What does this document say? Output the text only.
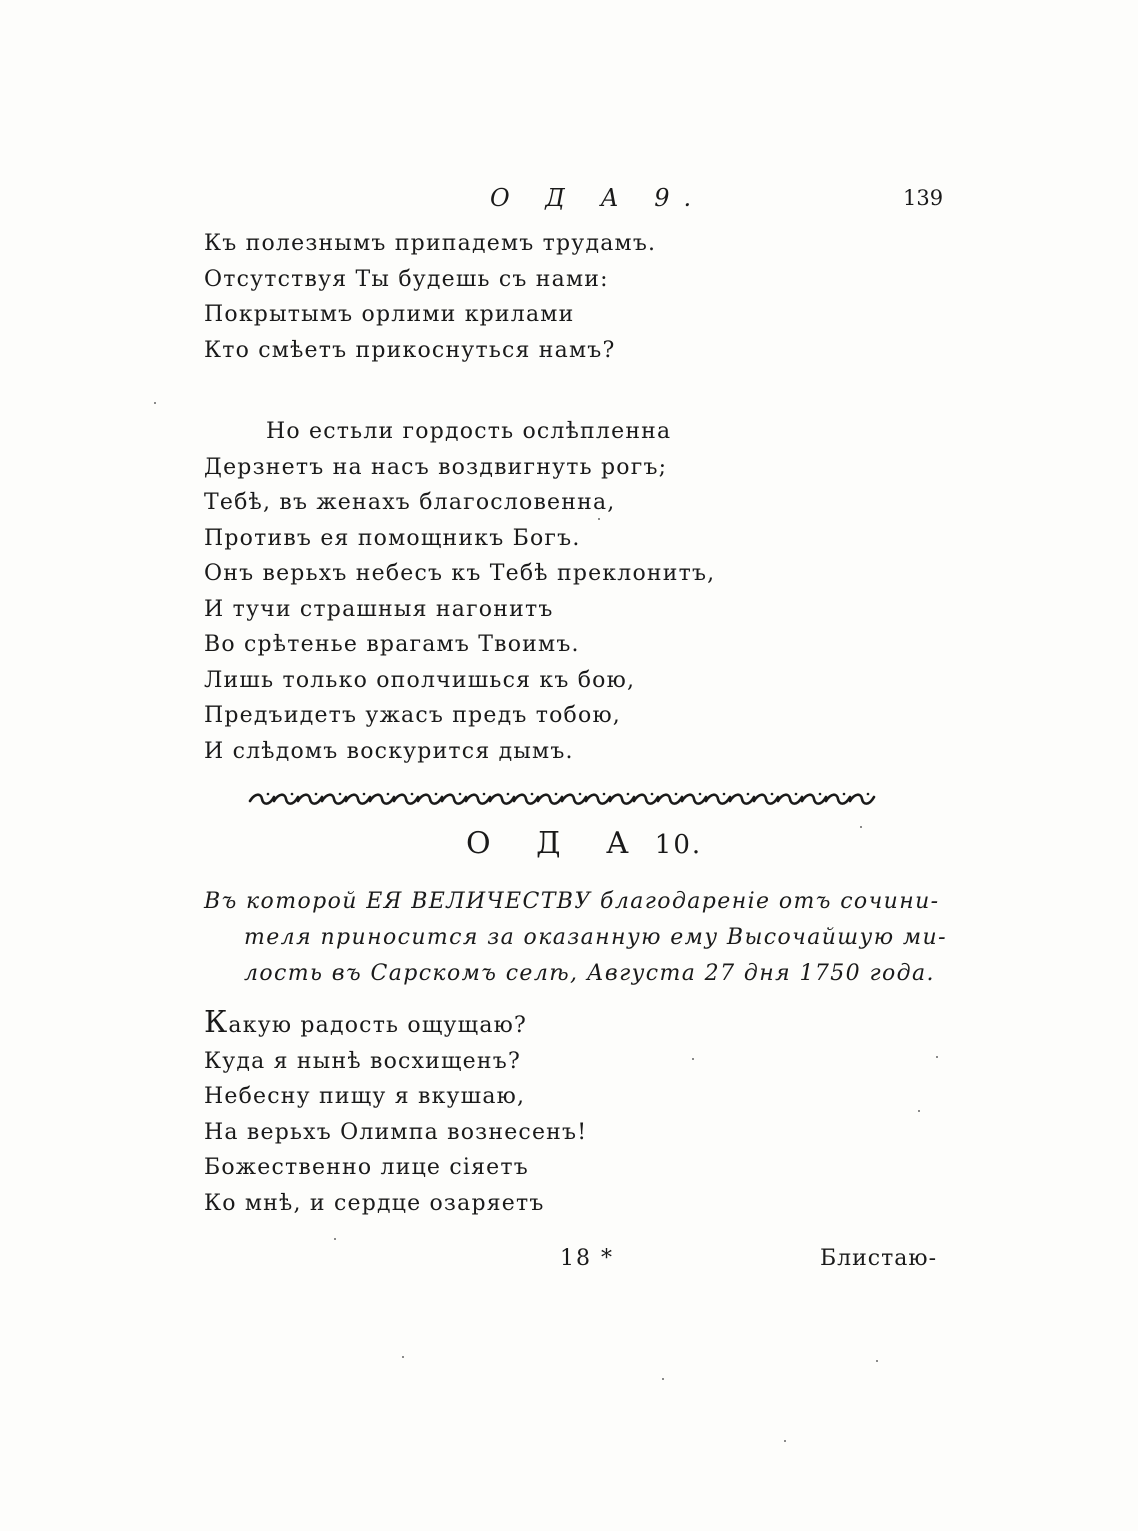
О Д А 9.	139
Къ полезнымъ припадемъ трудамъ.
Отсутствуя Ты будешь съ нами:
Покрытымъ орлими крилами
Кто смѣетъ прикоснуться намъ?
Но естьли гордость ослѣпленна
Дерзнетъ на насъ воздвигнуть рогъ;
Тебѣ, въ женахъ благословенна,
Противъ ея помощникъ Богъ.
Онъ верьхъ небесъ къ Тебѣ преклонитъ,
И тучи страшныя нагонитъ
Во срѣтенье врагамъ Твоимъ.
Лишь только ополчишься къ бою,
Предъидетъ ужасъ предъ тобою,
И слѣдомъ воскурится дымъ.
О Д А 10.
Въ которой ЕЯ ВЕЛИЧЕСТВУ благодареніе отъ сочини-
теля приносится за оказанную ему Высочайшую ми-
лость въ Сарскомъ селѣ, Августа 27 дня 1750 года.
Какую радость ощущаю?
Куда я нынѣ восхищенъ?
Небесну пищу я вкушаю,
На верьхъ Олимпа вознесенъ!
Божественно лице сіяетъ
Ко мнѣ, и сердце озаряетъ
18 *	Блистаю-
